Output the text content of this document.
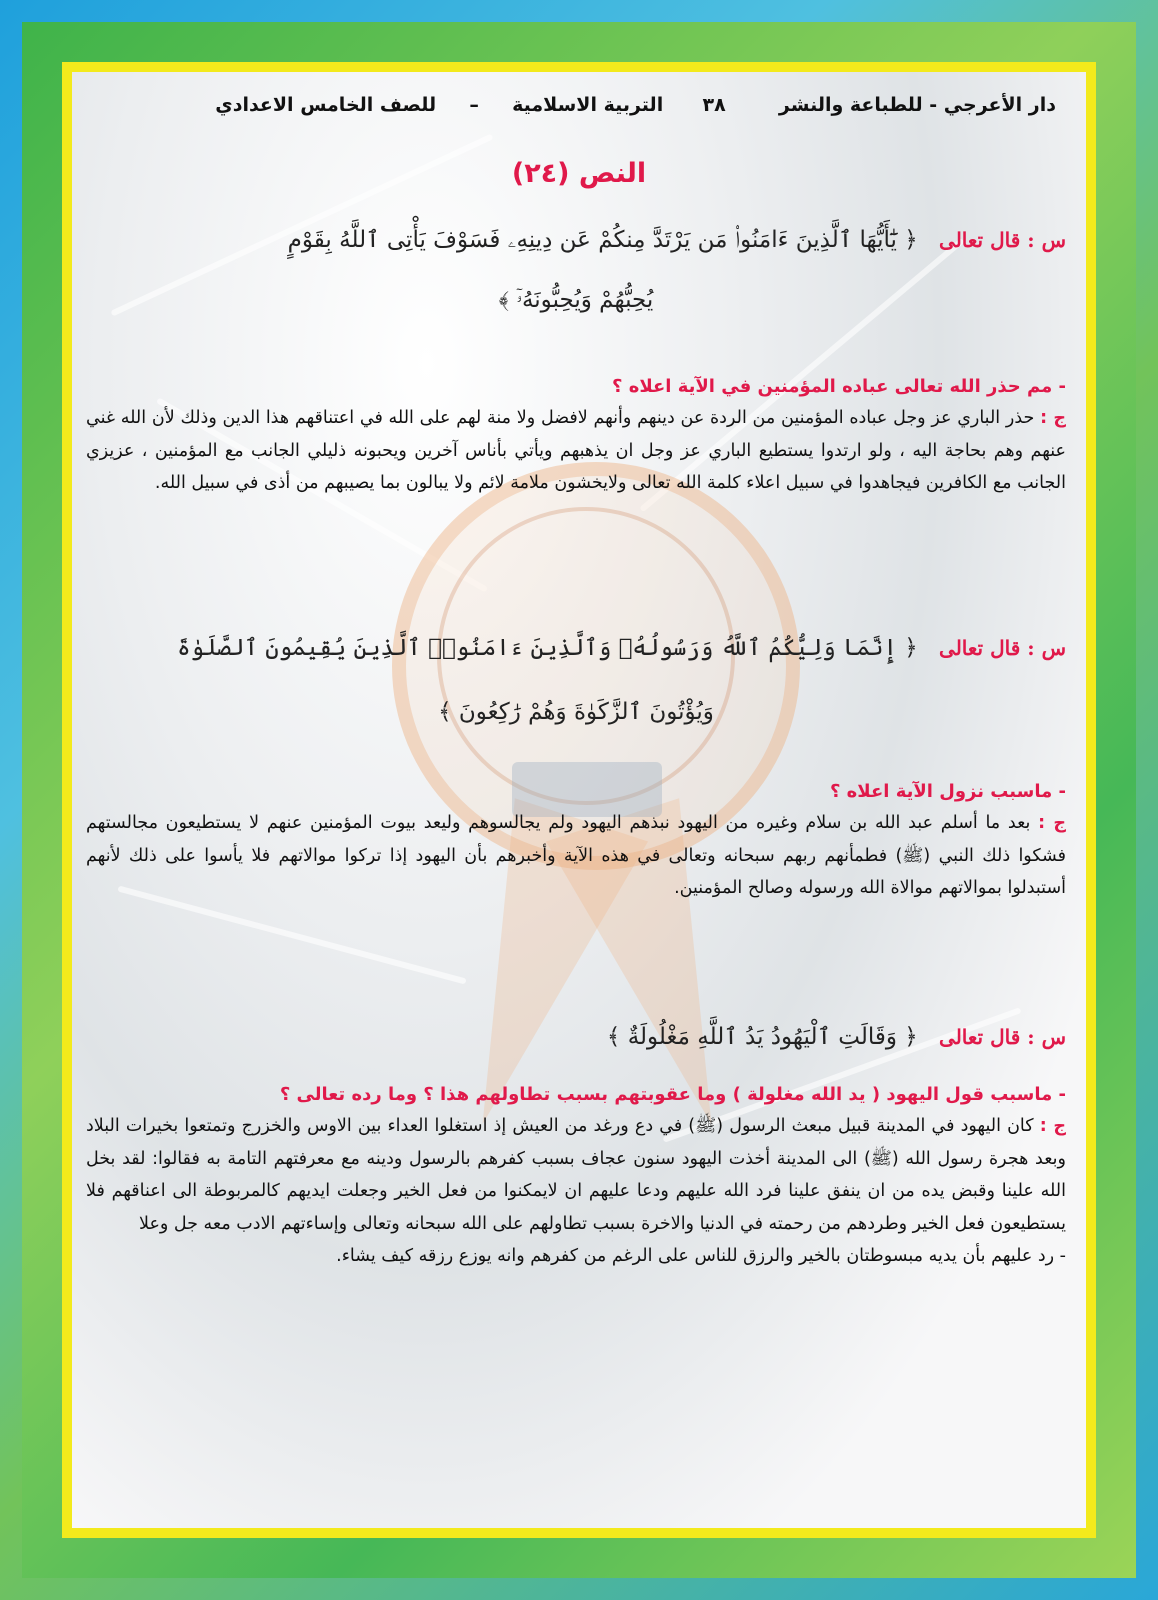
دار الأعرجي - للطباعة والنشر  ٣٨  التربية الاسلامية  –  للصف الخامس الاعدادي
النص (٢٤)
س : قال تعالى ﴿ يَٰٓأَيُّهَا ٱلَّذِينَ ءَامَنُوا۟ مَن يَرْتَدَّ مِنكُمْ عَن دِينِهِۦ فَسَوْفَ يَأْتِى ٱللَّهُ بِقَوْمٍ
يُحِبُّهُمْ وَيُحِبُّونَهُۥٓ ﴾
- مم حذر الله تعالى عباده المؤمنين في الآية اعلاه ؟
ج : حذر الباري عز وجل عباده المؤمنين من الردة عن دينهم وأنهم لافضل ولا منة لهم على الله في اعتناقهم هذا الدين وذلك لأن الله غني عنهم وهم بحاجة اليه ، ولو ارتدوا يستطيع الباري عز وجل ان يذهبهم ويأتي بأناس آخرين ويحبونه ذليلي الجانب مع المؤمنين ، عزيزي الجانب مع الكافرين فيجاهدوا في سبيل اعلاء كلمة الله تعالى ولايخشون ملامة لائم ولا يبالون بما يصيبهم من أذى في سبيل الله.
س : قال تعالى ﴿ إِنَّمَا وَلِيُّكُمُ ٱللَّهُ وَرَسُولُهُۥ وَٱلَّذِينَ ءَامَنُوا۟ ٱلَّذِينَ يُقِيمُونَ ٱلصَّلَوٰةَ
وَيُؤْتُونَ ٱلزَّكَوٰةَ وَهُمْ رَٰكِعُونَ ﴾
- ماسبب نزول الآية اعلاه ؟
ج : بعد ما أسلم عبد الله بن سلام وغيره من اليهود نبذهم اليهود ولم يجالسوهم وليعد بيوت المؤمنين عنهم لا يستطيعون مجالستهم فشكوا ذلك النبي (ﷺ) فطمأنهم ربهم سبحانه وتعالى في هذه الآية وأخبرهم بأن اليهود إذا تركوا موالاتهم فلا يأسوا على ذلك لأنهم أستبدلوا بموالاتهم موالاة الله ورسوله وصالح المؤمنين.
س : قال تعالى ﴿ وَقَالَتِ ٱلْيَهُودُ يَدُ ٱللَّهِ مَغْلُولَةٌ ﴾
- ماسبب قول اليهود ( يد الله مغلولة ) وما عقوبتهم بسبب تطاولهم هذا ؟ وما رده تعالى ؟
ج : كان اليهود في المدينة قبيل مبعث الرسول (ﷺ) في دع ورغد من العيش إذ استغلوا العداء بين الاوس والخزرج وتمتعوا بخيرات البلاد وبعد هجرة رسول الله (ﷺ) الى المدينة أخذت اليهود سنون عجاف بسبب كفرهم بالرسول ودينه مع معرفتهم التامة به فقالوا: لقد بخل الله علينا وقبض يده من ان ينفق علينا فرد الله عليهم ودعا عليهم ان لايمكنوا من فعل الخير وجعلت ايديهم كالمربوطة الى اعناقهم فلا يستطيعون فعل الخير وطردهم من رحمته في الدنيا والاخرة بسبب تطاولهم على الله سبحانه وتعالى وإساءتهم الادب معه جل وعلا
- رد عليهم بأن يديه مبسوطتان بالخير والرزق للناس على الرغم من كفرهم وانه يوزع رزقه كيف يشاء.
